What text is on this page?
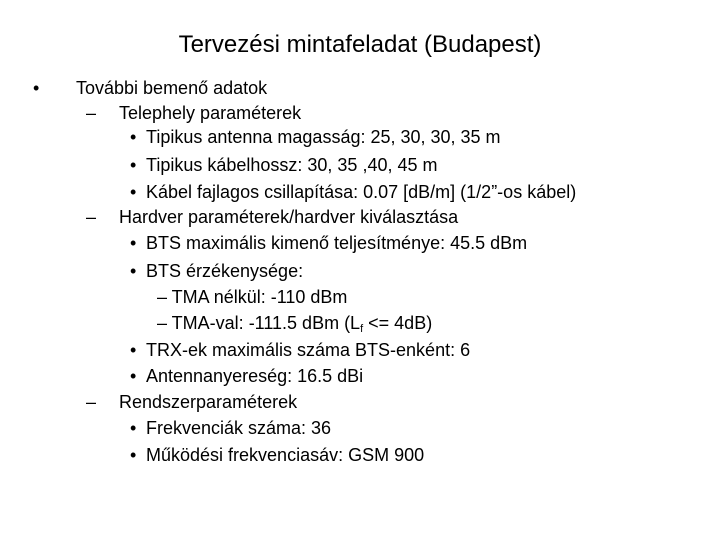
Tervezési mintafeladat (Budapest)
• További bemenő adatok
– Telephely paraméterek
• Tipikus antenna magasság: 25, 30, 30, 35 m
• Tipikus kábelhossz: 30, 35 ,40, 45 m
• Kábel fajlagos csillapítása: 0.07 [dB/m] (1/2”-os kábel)
– Hardver paraméterek/hardver kiválasztása
• BTS maximális kimenő teljesítménye: 45.5 dBm
• BTS érzékenysége:
– TMA nélkül: -110 dBm
– TMA-val: -111.5 dBm $(L_f <= 4dB)$
• TRX-ek maximális száma BTS-enként: 6
• Antennanyereség: 16.5 dBi
– Rendszerparaméterek
• Frekvenciák száma: 36
• Működési frekvenciasáv: GSM 900
